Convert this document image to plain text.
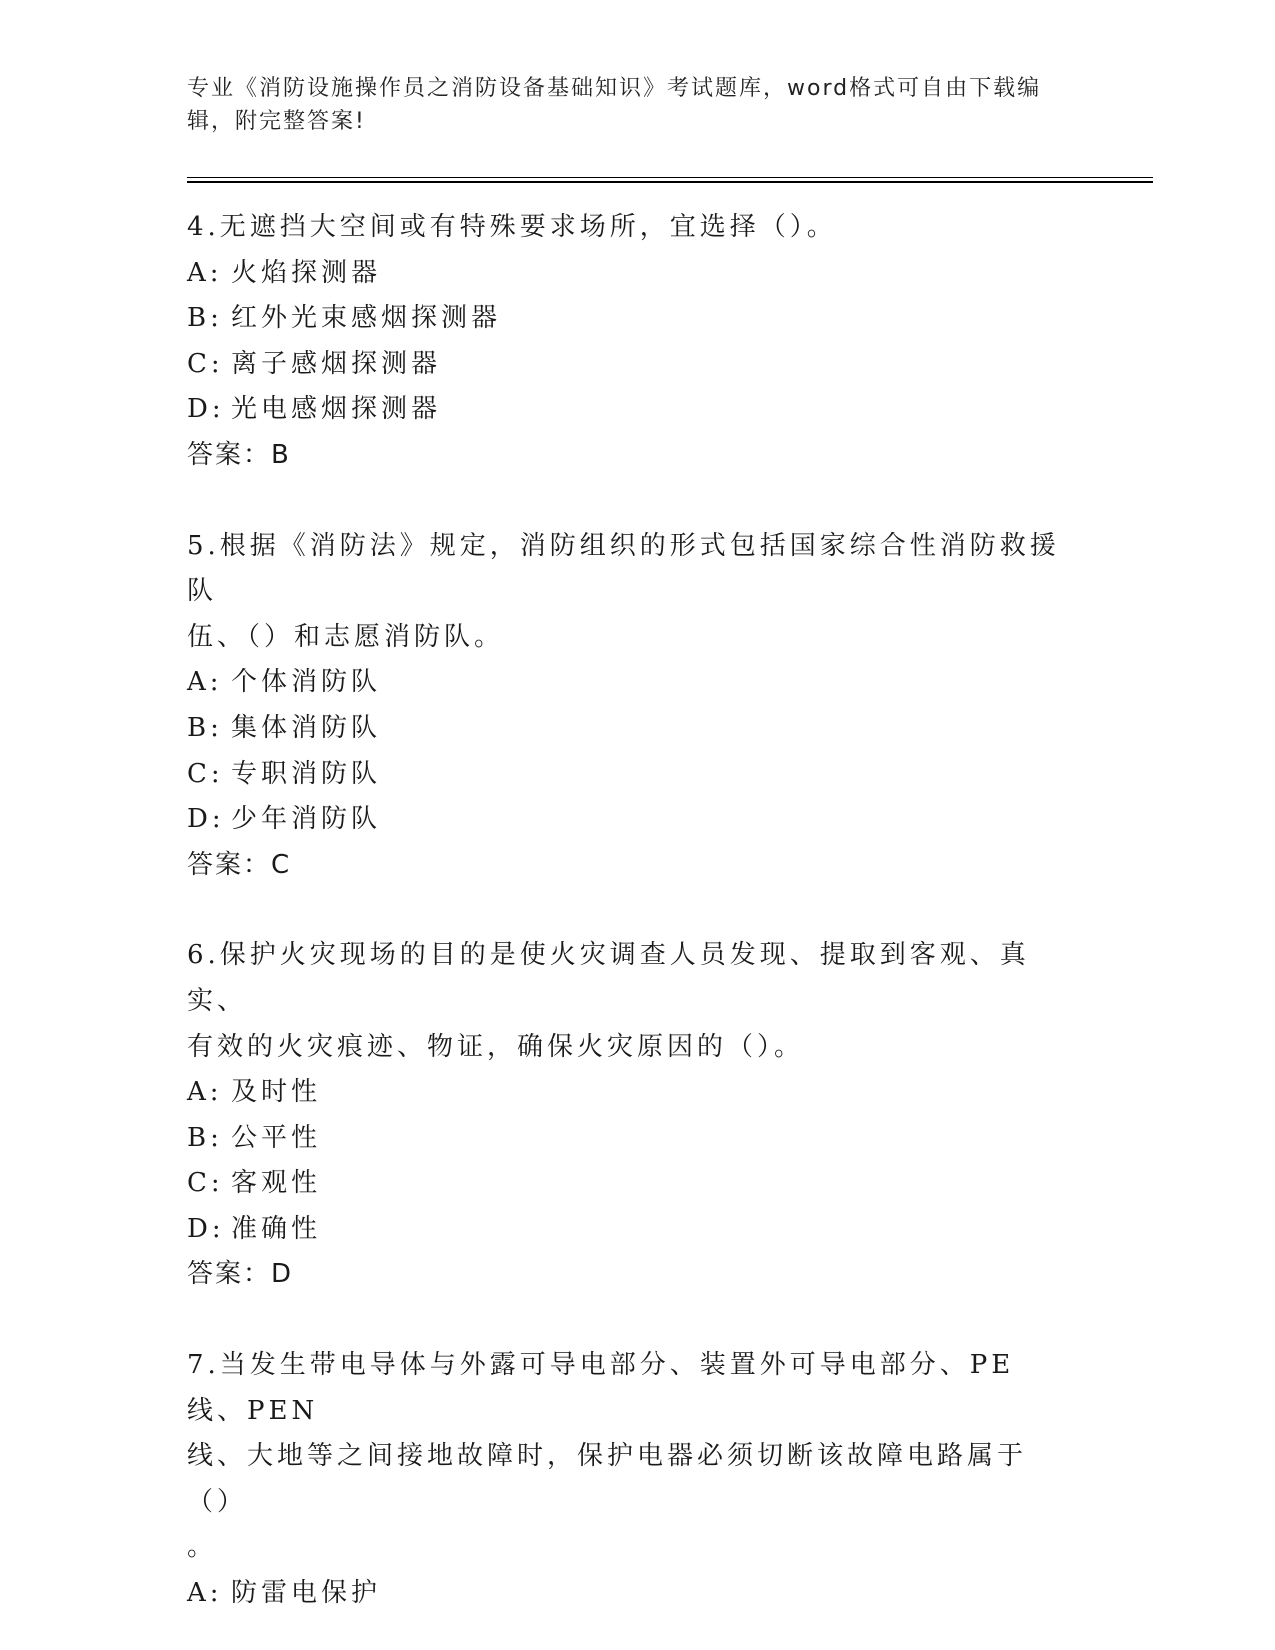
专业《消防设施操作员之消防设备基础知识》考试题库，word格式可自由下载编
辑，附完整答案!
4.无遮挡大空间或有特殊要求场所，宜选择（）。
A: 火焰探测器
B: 红外光束感烟探测器
C: 离子感烟探测器
D: 光电感烟探测器
答案：B
5.根据《消防法》规定，消防组织的形式包括国家综合性消防救援队
伍、（）和志愿消防队。
A: 个体消防队
B: 集体消防队
C: 专职消防队
D: 少年消防队
答案：C
6.保护火灾现场的目的是使火灾调查人员发现、提取到客观、真实、
有效的火灾痕迹、物证，确保火灾原因的（）。
A: 及时性
B: 公平性
C: 客观性
D: 准确性
答案：D
7.当发生带电导体与外露可导电部分、装置外可导电部分、PE线、PEN
线、大地等之间接地故障时，保护电器必须切断该故障电路属于（）
。
A: 防雷电保护
